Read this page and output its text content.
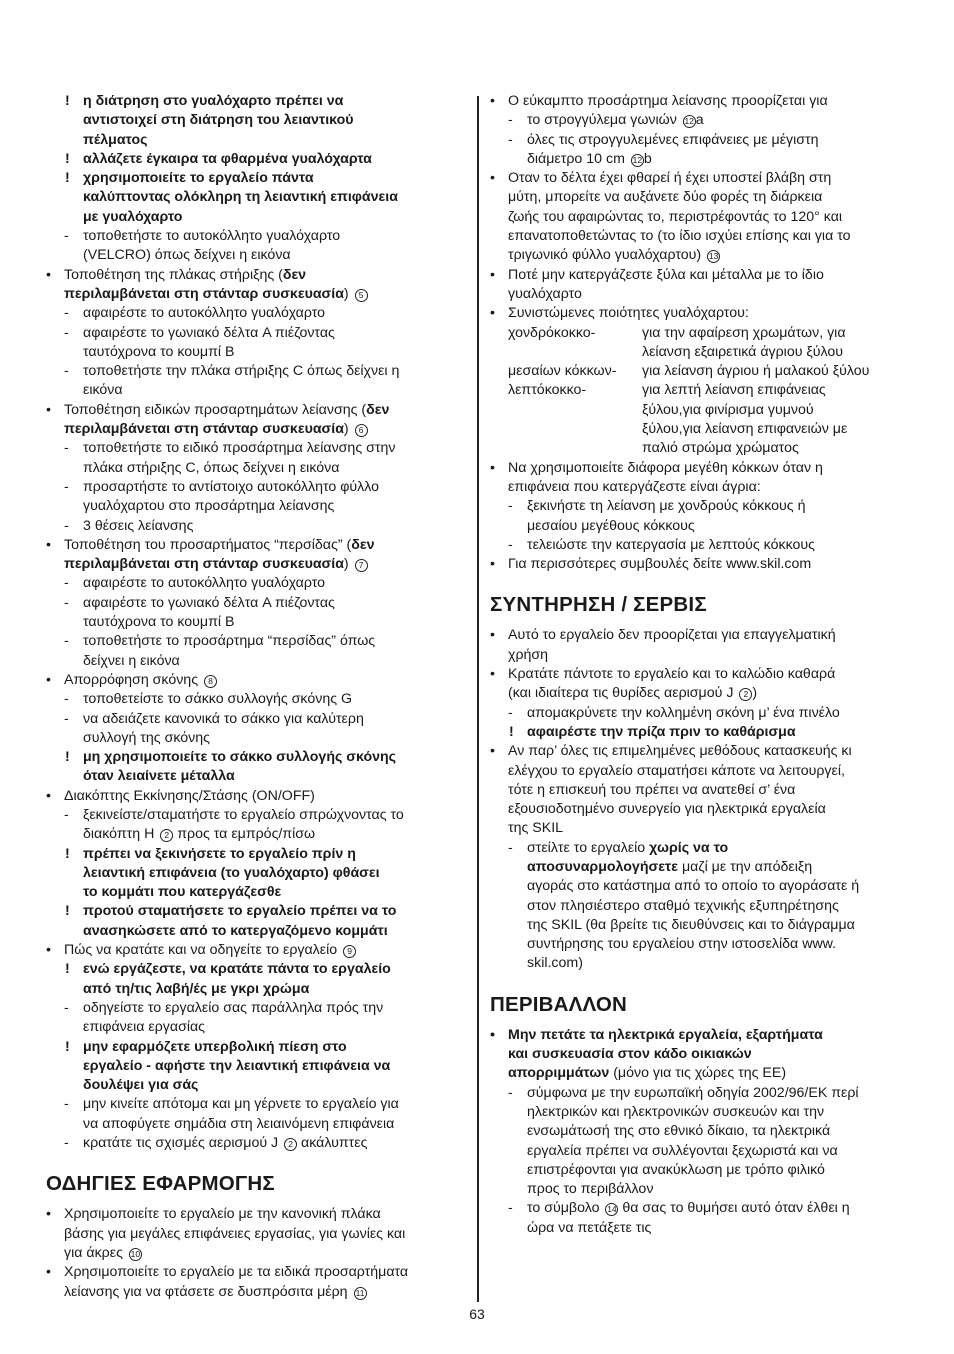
! η διάτρηση στο γυαλόχαρτο πρέπει να
αντιστοιχεί στη διάτρηση του λειαντικού
πέλματος
! αλλάζετε έγκαιρα τα φθαρμένα γυαλόχαρτα
! χρησιμοποιείτε το εργαλείο πάντα
καλύπτοντας ολόκληρη τη λειαντική επιφάνεια
με γυαλόχαρτο
- τοποθετήστε το αυτοκόλλητο γυαλόχαρτο
(VELCRO) όπως δείχνει η εικόνα
• Τοποθέτηση της πλάκας στήριξης (δεν
περιλαμβάνεται στη στάνταρ συσκευασία) 5
- αφαιρέστε το αυτοκόλλητο γυαλόχαρτο
- αφαιρέστε το γωνιακό δέλτα A πιέζοντας
ταυτόχρονα το κουμπί B
- τοποθετήστε την πλάκα στήριξης C όπως δείχνει η
εικόνα
• Τοποθέτηση ειδικών προσαρτημάτων λείανσης (δεν
περιλαμβάνεται στη στάνταρ συσκευασία) 6
- τοποθετήστε το ειδικό προσάρτημα λείανσης στην
πλάκα στήριξης C, όπως δείχνει η εικόνα
- προσαρτήστε το αντίστοιχο αυτοκόλλητο φύλλο
γυαλόχαρτου στο προσάρτημα λείανσης
- 3 θέσεις λείανσης
• Τοποθέτηση του προσαρτήματος “περσίδας” (δεν
περιλαμβάνεται στη στάνταρ συσκευασία) 7
- αφαιρέστε το αυτοκόλλητο γυαλόχαρτο
- αφαιρέστε το γωνιακό δέλτα A πιέζοντας
ταυτόχρονα το κουμπί B
- τοποθετήστε το προσάρτημα “περσίδας” όπως
δείχνει η εικόνα
• Απορρόφηση σκόνης 8
- τοποθετείστε το σάκκο συλλογής σκόνης G
- να αδειάζετε κανονικά το σάκκο για καλύτερη
συλλογή της σκόνης
! μη χρησιμοποιείτε το σάκκο συλλογής σκόνης
όταν λειαίνετε μέταλλα
• Διακόπτης Εκκίνησης/Στάσης (ON/OFF)
- ξεκινείστε/σταματήστε το εργαλείο σπρώχνοντας το
διακόπτη H 2 προς τα εμπρός/πίσω
! πρέπει να ξεκινήσετε το εργαλείο πρίν η
λειαντική επιφάνεια (το γυαλόχαρτο) φθάσει
το κομμάτι που κατεργάζεσθε
! προτού σταματήσετε το εργαλείο πρέπει να το
ανασηκώσετε από το κατεργαζόμενο κομμάτι
• Πώς να κρατάτε και να οδηγείτε το εργαλείο 9
! ενώ εργάζεστε, να κρατάτε πάντα το εργαλείο
από τη/τις λαβή/ές με γκρι χρώμα
- οδηγείστε το εργαλείο σας παράλληλα πρός την
επιφάνεια εργασίας
! μην εφαρμόζετε υπερβολική πίεση στο
εργαλείο - αφήστε την λειαντική επιφάνεια να
δουλέψει για σάς
- μην κινείτε απότομα και μη γέρνετε το εργαλείο για
να αποφύγετε σημάδια στη λειαινόμενη επιφάνεια
- κρατάτε τις σχισμές αερισμού J 2 ακάλυπτες
ΟΔΗΓΙΕΣ ΕΦΑΡΜΟΓΗΣ
• Χρησιμοποιείτε το εργαλείο με την κανονική πλάκα
βάσης για μεγάλες επιφάνειες εργασίας, για γωνίες και
για άκρες 10
• Χρησιμοποιείτε το εργαλείο με τα ειδικά προσαρτήματα
λείανσης για να φτάσετε σε δυσπρόσιτα μέρη 11
• O εύκαμπτο προσάρτημα λείανσης προορίζεται για
- το στρογγύλεμα γωνιών 12 a
- όλες τις στρογγυλεμένες επιφάνειες με μέγιστη
διάμετρο 10 cm 12 b
• Οταν το δέλτα έχει φθαρεί ή έχει υποστεί βλάβη στη
μύτη, μπορείτε να αυξάνετε δύο φορές τη διάρκεια
ζωής του αφαιρώντας το, περιστρέφοντάς το 120° και
επανατοποθετώντας το (το ίδιο ισχύει επίσης και για το
τριγωνικό φύλλο γυαλόχαρτου) 13
• Ποτέ μην κατεργάζεστε ξύλα και μέταλλα με το ίδιο
γυαλόχαρτο
• Συνιστώμενες ποιότητες γυαλόχαρτου:
χονδρόκοκκο-	για την αφαίρεση χρωμάτων, για
λείανση εξαιρετικά άγριου ξύλου
μεσαίων κόκκων-	για λείανση άγριου ή μαλακού ξύλου
λεπτόκοκκο-	για λεπτή λείανση επιφάνειας
ξύλου,για φινίρισμα γυμνού
ξύλου,για λείανση επιφανειών με
παλιό στρώμα χρώματος
• Να χρησιμοποιείτε διάφορα μεγέθη κόκκων όταν η
επιφάνεια που κατεργάζεστε είναι άγρια:
- ξεκινήστε τη λείανση με χονδρούς κόκκους ή
μεσαίου μεγέθους κόκκους
- τελειώστε την κατεργασία με λεπτούς κόκκους
• Για περισσότερες συμβουλές δείτε www.skil.com
ΣΥΝΤΗΡΗΣΗ / ΣΕΡΒΙΣ
• Αυτό το εργαλείο δεν προορίζεται για επαγγελματική
χρήση
• Κρατάτε πάντοτε το εργαλείο και το καλώδιο καθαρά
(και ιδιαίτερα τις θυρίδες αερισμού J 2 )
- απομακρύνετε την κολλημένη σκόνη μ’ ένα πινέλο
! αφαιρέστε την πρίζα πριν το καθάρισμα
• Αν παρ’ όλες τις επιμελημένες μεθόδους κατασκευής κι
ελέγχου το εργαλείο σταματήσει κάποτε να λειτουργεί,
τότε η επισκευή του πρέπει να ανατεθεί σ’ ένα
εξουσιοδοτημένο συνεργείο για ηλεκτρικά εργαλεία
της SKIL
- στείλτε το εργαλείο χωρίς να το
αποσυναρμολογήσετε μαζί με την απόδειξη
αγοράς στο κατάστημα από το οποίο το αγοράσατε ή
στον πλησιέστερο σταθμό τεχνικής εξυπηρέτησης
της SKIL (θα βρείτε τις διευθύνσεις και το διάγραμμα
συντήρησης του εργαλείου στην ιστοσελίδα www.
skil.com)
ΠΕΡΙΒΑΛΛΟΝ
• Μην πετάτε τα ηλεκτρικά εργαλεία, εξαρτήματα
και συσκευασία στον κάδο οικιακών
απορριμμάτων (μόνο για τις χώρες της ΕΕ)
- σύμφωνα με την ευρωπαϊκή οδηγία 2002/96/ΕΚ περί
ηλεκτρικών και ηλεκτρονικών συσκευών και την
ενσωμάτωσή της στο εθνικό δίκαιο, τα ηλεκτρικά
εργαλεία πρέπει να συλλέγονται ξεχωριστά και να
επιστρέφονται για ανακύκλωση με τρόπο φιλικό
προς το περιβάλλον
- το σύμβολο 14 θα σας το θυμήσει αυτό όταν έλθει η
ώρα να πετάξετε τις
63
